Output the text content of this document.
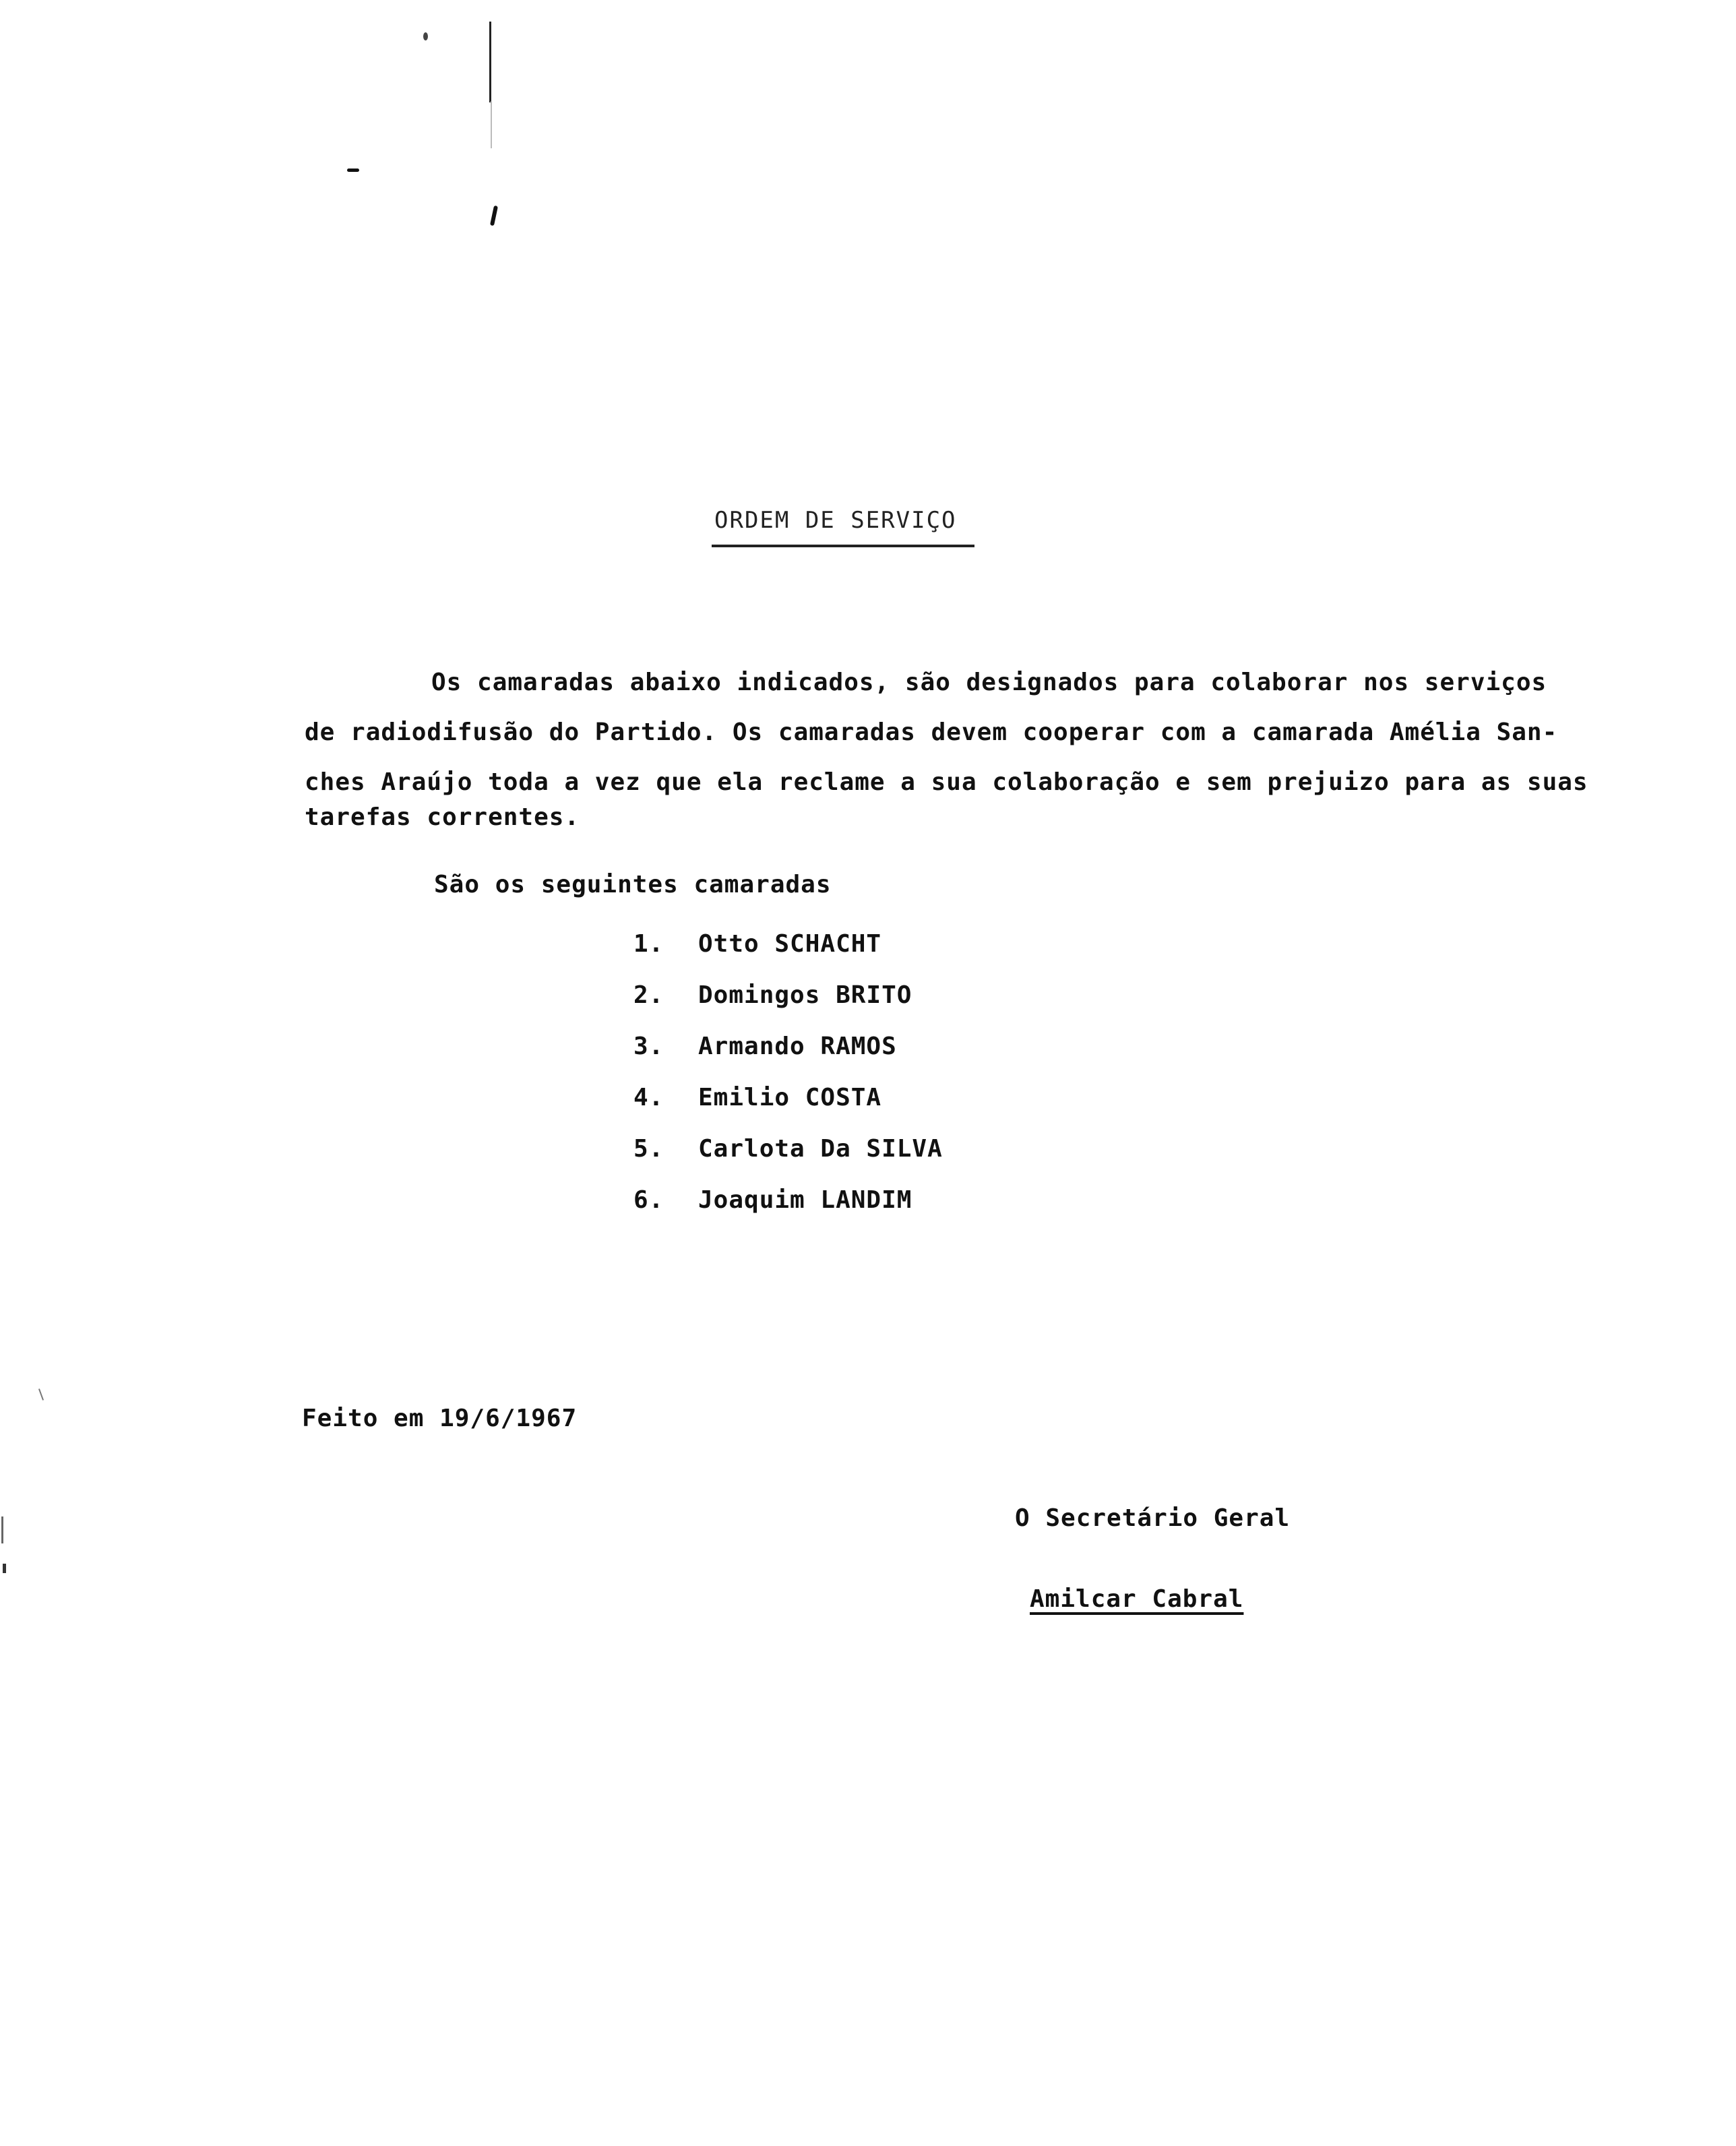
ORDEM DE SERVIÇO
Os camaradas abaixo indicados, são designados para colaborar nos serviços
de radiodifusão do Partido. Os camaradas devem cooperar com a camarada Amélia San-
ches Araújo toda a vez que ela reclame a sua colaboração e sem prejuizo para as suas
tarefas correntes.
São os seguintes camaradas
1. Otto SCHACHT
2. Domingos BRITO
3. Armando RAMOS
4. Emilio COSTA
5. Carlota Da SILVA
6. Joaquim LANDIM
Feito em 19/6/1967
O Secretário Geral
Amilcar Cabral
